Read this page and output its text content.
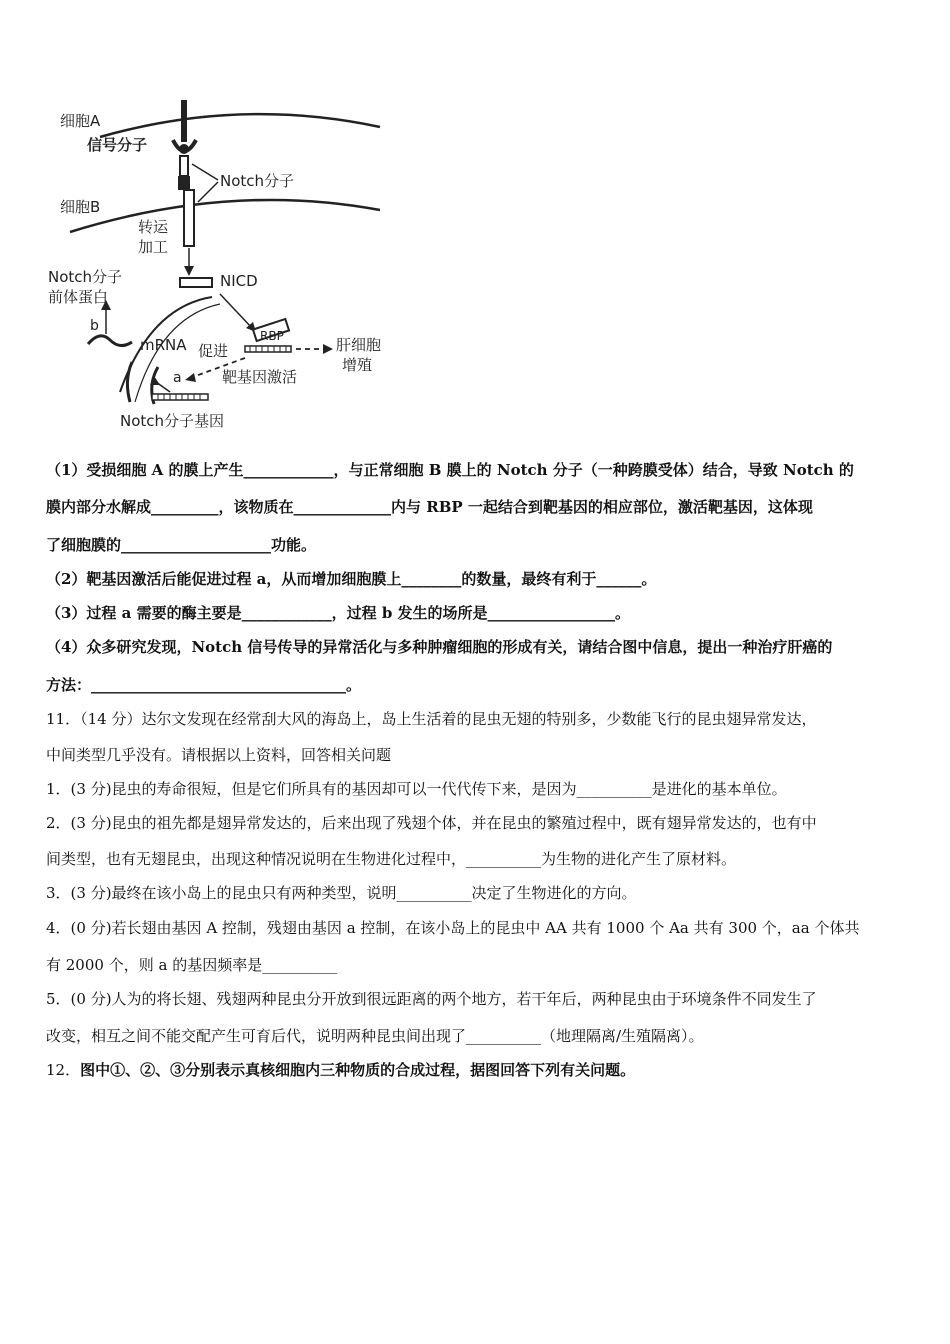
细胞A
信号分子
Notch分子
细胞B
转运
加工
Notch分子
前体蛋白
NICD
b
mRNA 促进
RBP	肝细胞
增殖
a	靶基因激活
Notch分子基因
（1）受损细胞 A 的膜上产生____________，与正常细胞 B 膜上的 Notch 分子（一种跨膜受体）结合，导致 Notch 的
膜内部分水解成_________，该物质在_____________内与 RBP 一起结合到靶基因的相应部位，激活靶基因，这体现
了细胞膜的____________________功能。
（2）靶基因激活后能促进过程 a，从而增加细胞膜上________的数量，最终有利于______。
（3）过程 a 需要的酶主要是____________，过程 b 发生的场所是_________________。
（4）众多研究发现，Notch 信号传导的异常活化与多种肿瘤细胞的形成有关，请结合图中信息，提出一种治疗肝癌的
方法：__________________________________。
11．（14 分）达尔文发现在经常刮大风的海岛上，岛上生活着的昆虫无翅的特别多，少数能飞行的昆虫翅异常发达，
中间类型几乎没有。请根据以上资料，回答相关问题
1．(3 分)昆虫的寿命很短，但是它们所具有的基因却可以一代代传下来，是因为__________是进化的基本单位。
2．(3 分)昆虫的祖先都是翅异常发达的，后来出现了残翅个体，并在昆虫的繁殖过程中，既有翅异常发达的，也有中
间类型，也有无翅昆虫，出现这种情况说明在生物进化过程中，__________为生物的进化产生了原材料。
3．(3 分)最终在该小岛上的昆虫只有两种类型，说明__________决定了生物进化的方向。
4．(0 分)若长翅由基因 A 控制，残翅由基因 a 控制，在该小岛上的昆虫中 AA 共有 1000 个 Aa 共有 300 个，aa 个体共
有 2000 个，则 a 的基因频率是__________
5．(0 分)人为的将长翅、残翅两种昆虫分开放到很远距离的两个地方，若干年后，两种昆虫由于环境条件不同发生了
改变，相互之间不能交配产生可育后代，说明两种昆虫间出现了__________（地理隔离/生殖隔离）。
12．图中①、②、③分别表示真核细胞内三种物质的合成过程，据图回答下列有关问题。
